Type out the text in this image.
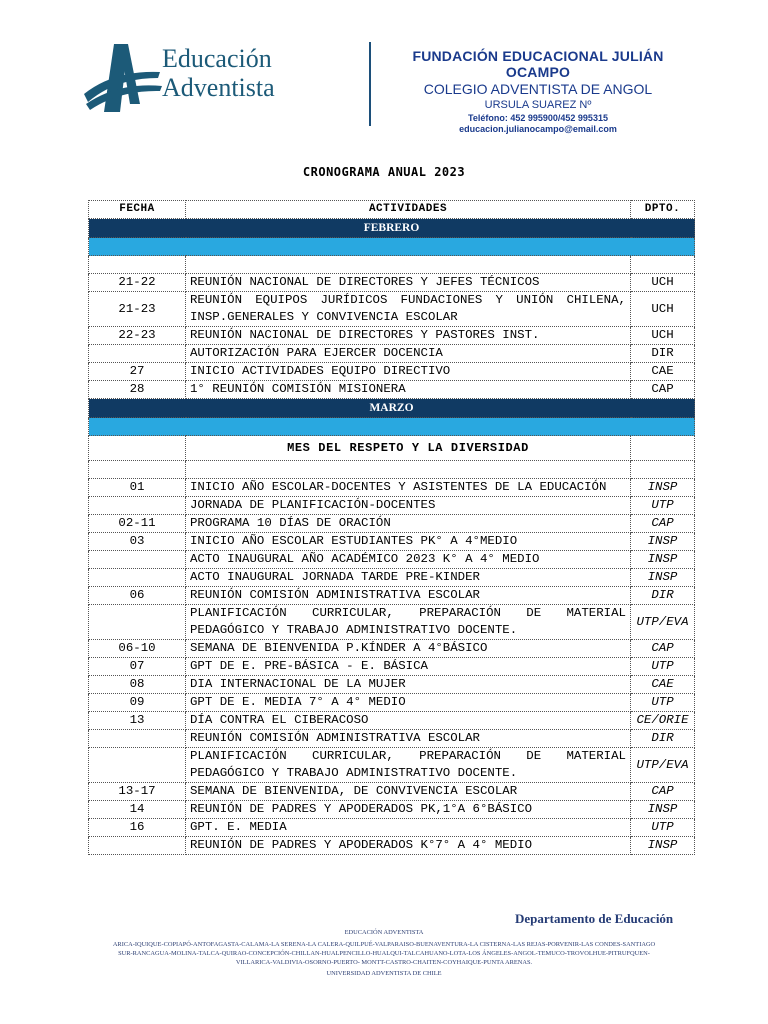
Educación
Adventista
FUNDACIÓN EDUCACIONAL JULIÁN OCAMPO
COLEGIO ADVENTISTA DE ANGOL
URSULA SUAREZ Nº
Teléfono: 452 995900/452 995315
educacion.julianocampo@email.com
CRONOGRAMA ANUAL 2023
FECHA	ACTIVIDADES	DPTO.
FEBRERO		

21-22	REUNIÓN NACIONAL DE DIRECTORES Y JEFES TÉCNICOS	UCH
21-23	REUNIÓN EQUIPOS JURÍDICOS FUNDACIONES Y UNIÓN CHILENA, INSP.GENERALES Y CONVIVENCIA ESCOLAR	UCH
22-23	REUNIÓN NACIONAL DE DIRECTORES Y PASTORES INST.	UCH
	AUTORIZACIÓN PARA EJERCER DOCENCIA	DIR
27	INICIO ACTIVIDADES EQUIPO DIRECTIVO	CAE
28	1° REUNIÓN COMISIÓN MISIONERA	CAP
MARZO		

	MES DEL RESPETO Y LA DIVERSIDAD	

01	INICIO AÑO ESCOLAR-DOCENTES Y ASISTENTES DE LA EDUCACIÓN	INSP
	JORNADA DE PLANIFICACIÓN-DOCENTES	UTP
02-11	PROGRAMA 10 DÍAS DE ORACIÓN	CAP
03	INICIO AÑO ESCOLAR ESTUDIANTES PK° A 4°MEDIO	INSP
	ACTO INAUGURAL AÑO ACADÉMICO 2023 K° A 4° MEDIO	INSP
	ACTO INAUGURAL JORNADA TARDE PRE-KINDER	INSP
06	REUNIÓN COMISIÓN ADMINISTRATIVA ESCOLAR	DIR
	PLANIFICACIÓN CURRICULAR, PREPARACIÓN DE MATERIAL PEDAGÓGICO Y TRABAJO ADMINISTRATIVO DOCENTE.	UTP/EVA
06-10	SEMANA DE BIENVENIDA P.KÍNDER A 4°BÁSICO	CAP
07	GPT DE E. PRE-BÁSICA - E. BÁSICA	UTP
08	DIA INTERNACIONAL DE LA MUJER	CAE
09	GPT DE E. MEDIA 7° A 4° MEDIO	UTP
13	DÍA CONTRA EL CIBERACOSO	CE/ORIE
	REUNIÓN COMISIÓN ADMINISTRATIVA ESCOLAR	DIR
	PLANIFICACIÓN CURRICULAR, PREPARACIÓN DE MATERIAL PEDAGÓGICO Y TRABAJO ADMINISTRATIVO DOCENTE.	UTP/EVA
13-17	SEMANA DE BIENVENIDA, DE CONVIVENCIA ESCOLAR	CAP
14	REUNIÓN DE PADRES Y APODERADOS PK,1°A 6°BÁSICO	INSP
16	GPT. E. MEDIA	UTP
	REUNIÓN DE PADRES Y APODERADOS K°7° A 4° MEDIO	INSP
Departamento de Educación
EDUCACIÓN ADVENTISTA
ARICA-IQUIQUE-COPIAPÓ-ANTOFAGASTA-CALAMA-LA SERENA-LA CALERA-QUILPUÉ-VALPARAISO-BUENAVENTURA-LA CISTERNA-LAS REJAS-PORVENIR-LAS CONDES-SANTIAGO
SUR-RANCAGUA-MOLINA-TALCA-QUIRAO-CONCEPCIÓN-CHILLAN-HUALPENCILLO-HUALQUI-TALCAHUANO-LOTA-LOS ÁNGELES-ANGOL-TEMUCO-TROVOLHUE-PITRUFQUEN-
VILLARICA-VALDIVIA-OSORNO-PUERTO- MONTT-CASTRO-CHAITEN-COYHAIQUE-PUNTA ARENAS.
UNIVERSIDAD ADVENTISTA DE CHILE
